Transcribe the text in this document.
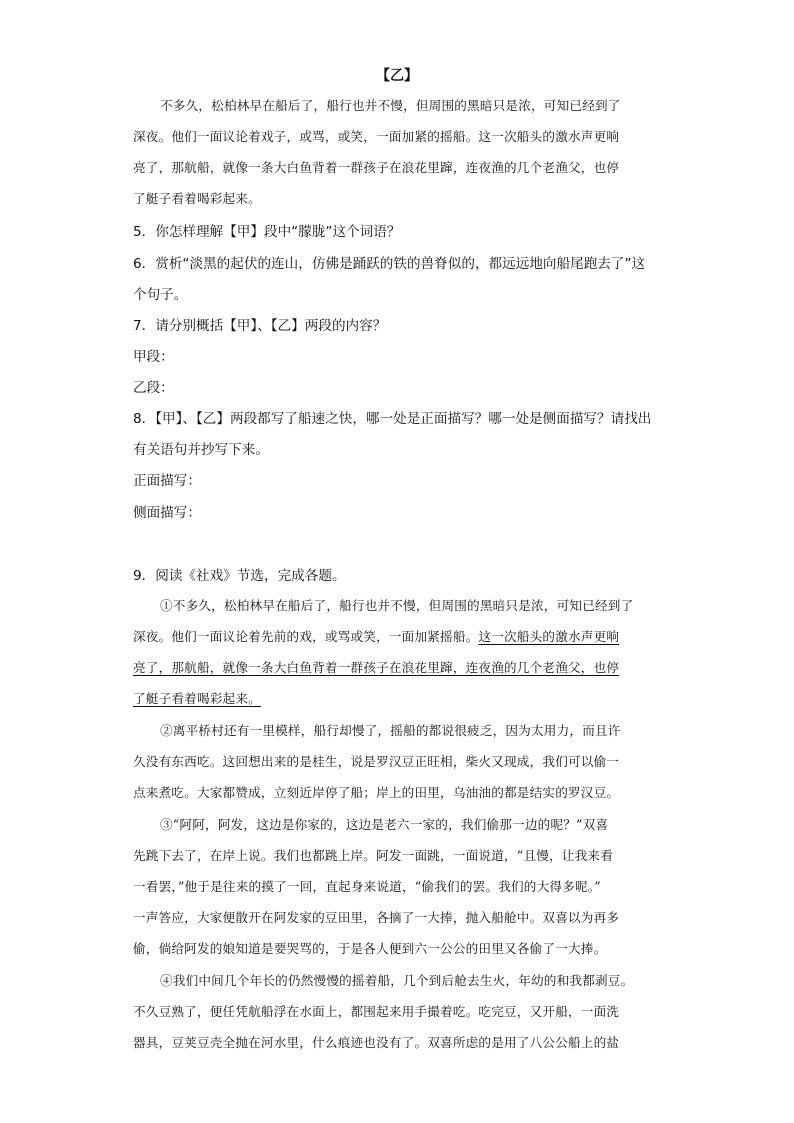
【乙】
不多久，松柏林早在船后了，船行也并不慢，但周围的黑暗只是浓，可知已经到了
深夜。他们一面议论着戏子，或骂，或笑，一面加紧的摇船。这一次船头的激水声更响
亮了，那航船，就像一条大白鱼背着一群孩子在浪花里蹿，连夜渔的几个老渔父，也停
了艇子看着喝彩起来。
5．你怎样理解【甲】段中“朦胧”这个词语？
6．赏析“淡黑的起伏的连山，仿佛是踊跃的铁的兽脊似的，都远远地向船尾跑去了”这
个句子。
7．请分别概括【甲】、【乙】两段的内容？
甲段：
乙段：
8．【甲】、【乙】两段都写了船速之快，哪一处是正面描写？哪一处是侧面描写？请找出
有关语句并抄写下来。
正面描写：
侧面描写：
9．阅读《社戏》节选，完成各题。
①不多久，松柏林早在船后了，船行也并不慢，但周围的黑暗只是浓，可知已经到了
深夜。他们一面议论着先前的戏，或骂或笑，一面加紧摇船。这一次船头的激水声更响
亮了，那航船，就像一条大白鱼背着一群孩子在浪花里蹿，连夜渔的几个老渔父，也停
了艇子看着喝彩起来。
②离平桥村还有一里模样，船行却慢了，摇船的都说很疲乏，因为太用力，而且许
久没有东西吃。这回想出来的是桂生，说是罗汉豆正旺相，柴火又现成，我们可以偷一
点来煮吃。大家都赞成，立刻近岸停了船；岸上的田里，乌油油的都是结实的罗汉豆。
③“阿阿，阿发，这边是你家的，这边是老六一家的，我们偷那一边的呢？”双喜
先跳下去了，在岸上说。我们也都跳上岸。阿发一面跳，一面说道，“且慢，让我来看
一看罢，”他于是往来的摸了一回，直起身来说道，“偷我们的罢。我们的大得多呢。”
一声答应，大家便散开在阿发家的豆田里，各摘了一大捧，抛入船舱中。双喜以为再多
偷，倘给阿发的娘知道是要哭骂的，于是各人便到六一公公的田里又各偷了一大捧。
④我们中间几个年长的仍然慢慢的摇着船，几个到后舱去生火，年幼的和我都剥豆。
不久豆熟了，便任凭航船浮在水面上，都围起来用手撮着吃。吃完豆，又开船，一面洗
器具，豆荚豆壳全抛在河水里，什么痕迹也没有了。双喜所虑的是用了八公公船上的盐
